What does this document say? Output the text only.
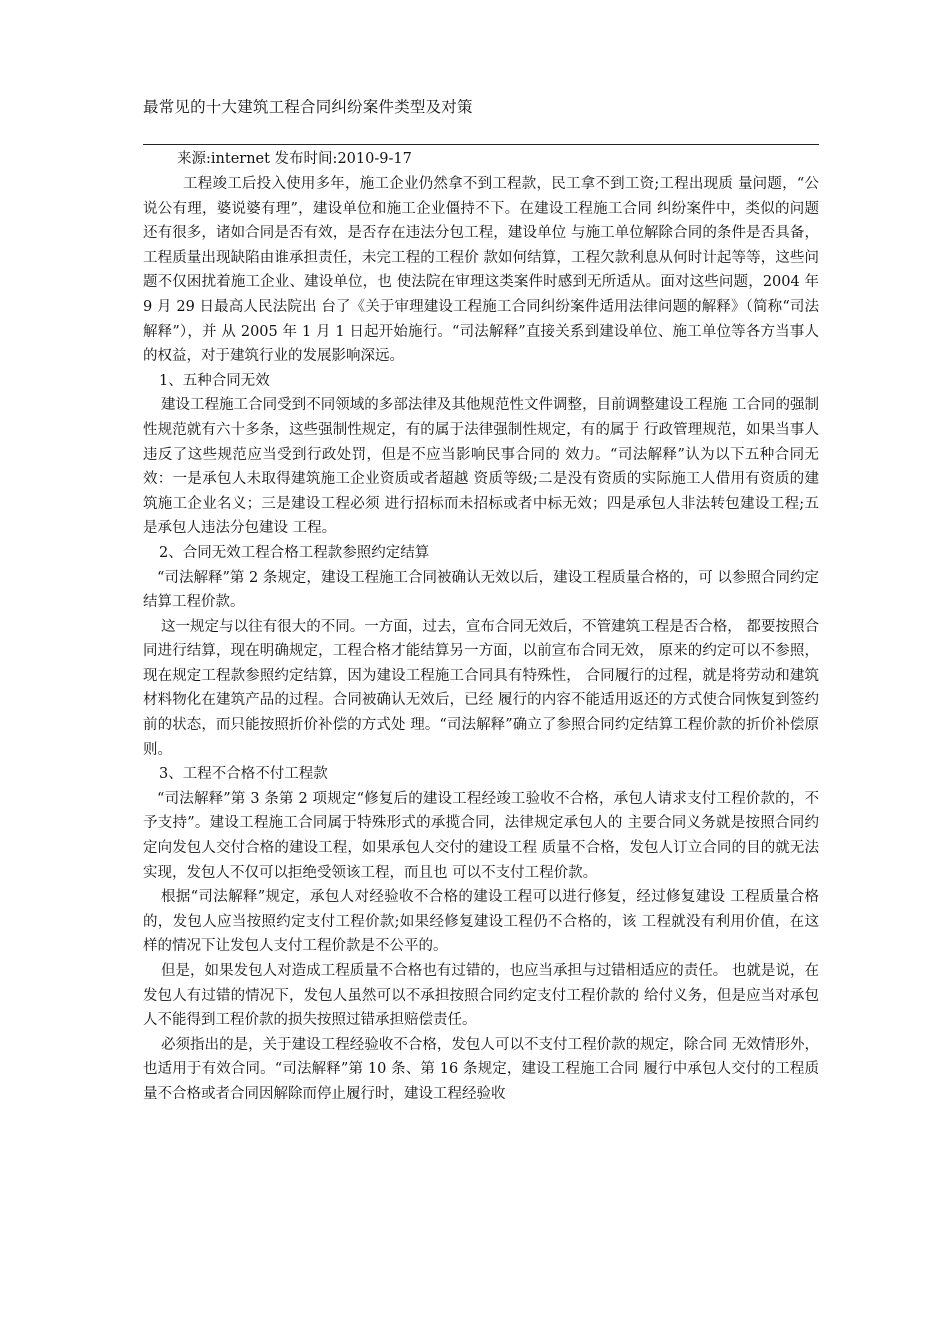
最常见的十大建筑工程合同纠纷案件类型及对策
来源:internet 发布时间:2010-9-17

工程竣工后投入使用多年，施工企业仍然拿不到工程款，民工拿不到工资;工程出现质 量问题，“公说公有理，婆说婆有理”，建设单位和施工企业僵持不下。在建设工程施工合同 纠纷案件中，类似的问题还有很多，诸如合同是否有效，是否存在违法分包工程，建设单位 与施工单位解除合同的条件是否具备，工程质量出现缺陷由谁承担责任，未完工程的工程价 款如何结算，工程欠款利息从何时计起等等，这些问题不仅困扰着施工企业、建设单位，也 使法院在审理这类案件时感到无所适从。面对这些问题，2004 年 9 月 29 日最高人民法院出 台了《关于审理建设工程施工合同纠纷案件适用法律问题的解释》（简称“司法解释”），并 从 2005 年 1 月 1 日起开始施行。“司法解释”直接关系到建设单位、施工单位等各方当事人 的权益，对于建筑行业的发展影响深远。

1、五种合同无效

建设工程施工合同受到不同领域的多部法律及其他规范性文件调整，目前调整建设工程施 工合同的强制性规范就有六十多条，这些强制性规定，有的属于法律强制性规定，有的属于 行政管理规范，如果当事人违反了这些规范应当受到行政处罚，但是不应当影响民事合同的 效力。“司法解释”认为以下五种合同无效：一是承包人未取得建筑施工企业资质或者超越 资质等级;二是没有资质的实际施工人借用有资质的建筑施工企业名义；三是建设工程必须 进行招标而未招标或者中标无效；四是承包人非法转包建设工程;五是承包人违法分包建设 工程。

2、合同无效工程合格工程款参照约定结算

“司法解释”第 2 条规定，建设工程施工合同被确认无效以后，建设工程质量合格的，可 以参照合同约定结算工程价款。

这一规定与以往有很大的不同。一方面，过去，宣布合同无效后，不管建筑工程是否合格， 都要按照合同进行结算，现在明确规定，工程合格才能结算另一方面，以前宣布合同无效， 原来的约定可以不参照，现在规定工程款参照约定结算，因为建设工程施工合同具有特殊性， 合同履行的过程，就是将劳动和建筑材料物化在建筑产品的过程。合同被确认无效后，已经 履行的内容不能适用返还的方式使合同恢复到签约前的状态，而只能按照折价补偿的方式处 理。“司法解释”确立了参照合同约定结算工程价款的折价补偿原则。

3、工程不合格不付工程款

“司法解释”第 3 条第 2 项规定“修复后的建设工程经竣工验收不合格，承包人请求支付工程价款的，不予支持”。建设工程施工合同属于特殊形式的承揽合同，法律规定承包人的 主要合同义务就是按照合同约定向发包人交付合格的建设工程，如果承包人交付的建设工程 质量不合格，发包人订立合同的目的就无法实现，发包人不仅可以拒绝受领该工程，而且也 可以不支付工程价款。

根据“司法解释”规定，承包人对经验收不合格的建设工程可以进行修复，经过修复建设 工程质量合格的，发包人应当按照约定支付工程价款;如果经修复建设工程仍不合格的，该 工程就没有利用价值，在这样的情况下让发包人支付工程价款是不公平的。

但是，如果发包人对造成工程质量不合格也有过错的，也应当承担与过错相适应的责任。 也就是说，在发包人有过错的情况下，发包人虽然可以不承担按照合同约定支付工程价款的 给付义务，但是应当对承包人不能得到工程价款的损失按照过错承担赔偿责任。

必须指出的是，关于建设工程经验收不合格，发包人可以不支付工程价款的规定，除合同 无效情形外，也适用于有效合同。“司法解释”第 10 条、第 16 条规定，建设工程施工合同 履行中承包人交付的工程质量不合格或者合同因解除而停止履行时，建设工程经验收
